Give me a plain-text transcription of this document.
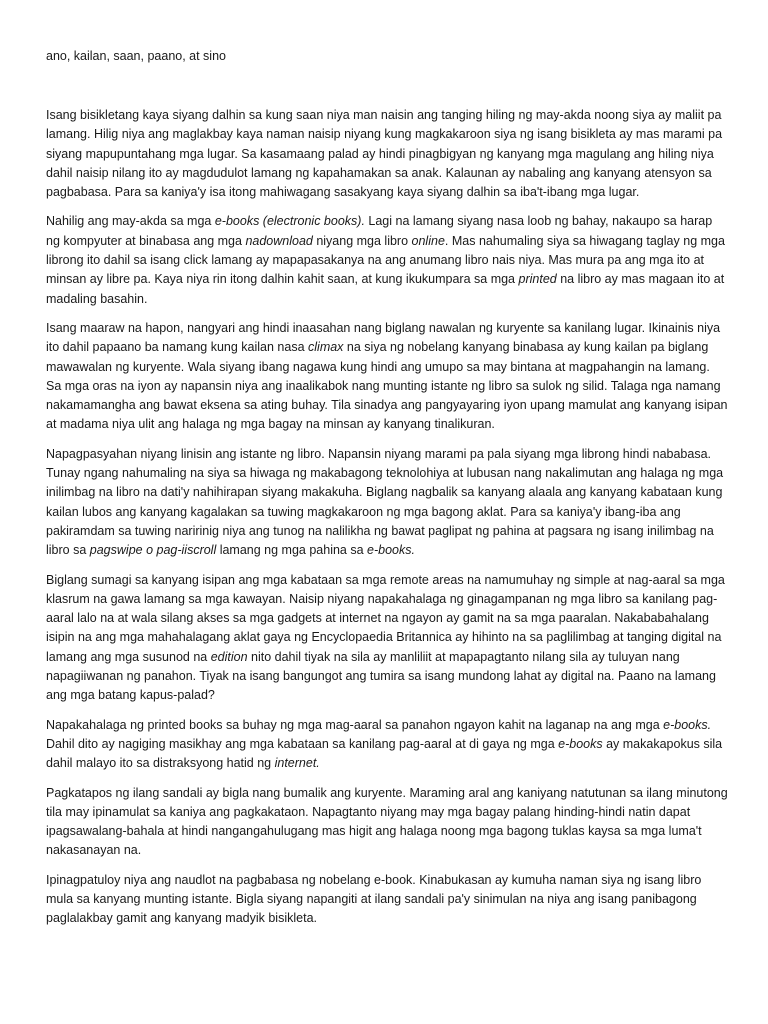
ano, kailan, saan, paano, at sino

Isang bisikletang kaya siyang dalhin sa kung saan niya man naisin ang tanging hiling ng may-akda noong siya ay maliit pa lamang. Hilig niya ang maglakbay kaya naman naisip niyang kung magkakaroon siya ng isang bisikleta ay mas marami pa siyang mapupuntahang mga lugar. Sa kasamaang palad ay hindi pinagbigyan ng kanyang mga magulang ang hiling niya dahil naisip nilang ito ay magdudulot lamang ng kapahamakan sa anak. Kalaunan ay nabaling ang kanyang atensyon sa pagbabasa. Para sa kaniya'y isa itong mahiwagang sasakyang kaya siyang dalhin sa iba't-ibang mga lugar.

Nahilig ang may-akda sa mga e-books (electronic books). Lagi na lamang siyang nasa loob ng bahay, nakaupo sa harap ng kompyuter at binabasa ang mga nadownload niyang mga libro online. Mas nahumaling siya sa hiwagang taglay ng mga librong ito dahil sa isang click lamang ay mapapasakanya na ang anumang libro nais niya. Mas mura pa ang mga ito at minsan ay libre pa. Kaya niya rin itong dalhin kahit saan, at kung ikukumpara sa mga printed na libro ay mas magaan ito at madaling basahin.

Isang maaraw na hapon, nangyari ang hindi inaasahan nang biglang nawalan ng kuryente sa kanilang lugar. Ikinainis niya ito dahil papaano ba namang kung kailan nasa climax na siya ng nobelang kanyang binabasa ay kung kailan pa biglang mawawalan ng kuryente. Wala siyang ibang nagawa kung hindi ang umupo sa may bintana at magpahangin na lamang. Sa mga oras na iyon ay napansin niya ang inaalikabok nang munting istante ng libro sa sulok ng silid. Talaga nga namang nakamamangha ang bawat eksena sa ating buhay. Tila sinadya ang pangyayaring iyon upang mamulat ang kanyang isipan at madama niya ulit ang halaga ng mga bagay na minsan ay kanyang tinalikuran.

Napagpasyahan niyang linisin ang istante ng libro. Napansin niyang marami pa pala siyang mga librong hindi nababasa. Tunay ngang nahumaling na siya sa hiwaga ng makabagong teknolohiya at lubusan nang nakalimutan ang halaga ng mga inilimbag na libro na dati'y nahihirapan siyang makakuha. Biglang nagbalik sa kanyang alaala ang kanyang kabataan kung kailan lubos ang kanyang kagalakan sa tuwing magkakaroon ng mga bagong aklat. Para sa kaniya'y ibang-iba ang pakiramdam sa tuwing naririnig niya ang tunog na nalilikha ng bawat paglipat ng pahina at pagsara ng isang inilimbag na libro sa pagswipe o pag-iiscroll lamang ng mga pahina sa e-books.

Biglang sumagi sa kanyang isipan ang mga kabataan sa mga remote areas na namumuhay ng simple at nag-aaral sa mga klasrum na gawa lamang sa mga kawayan. Naisip niyang napakahalaga ng ginagampanan ng mga libro sa kanilang pag-aaral lalo na at wala silang akses sa mga gadgets at internet na ngayon ay gamit na sa mga paaralan. Nakababahalang isipin na ang mga mahahalagang aklat gaya ng Encyclopaedia Britannica ay hihinto na sa paglilimbag at tanging digital na lamang ang mga susunod na edition nito dahil tiyak na sila ay manliliit at mapapagtanto nilang sila ay tuluyan nang napagiiwanan ng panahon. Tiyak na isang bangungot ang tumira sa isang mundong lahat ay digital na. Paano na lamang ang mga batang kapus-palad?

Napakahalaga ng printed books sa buhay ng mga mag-aaral sa panahon ngayon kahit na laganap na ang mga e-books. Dahil dito ay nagiging masikhay ang mga kabataan sa kanilang pag-aaral at di gaya ng mga e-books ay makakapokus sila dahil malayo ito sa distraksyong hatid ng internet.

Pagkatapos ng ilang sandali ay bigla nang bumalik ang kuryente. Maraming aral ang kaniyang natutunan sa ilang minutong tila may ipinamulat sa kaniya ang pagkakataon. Napagtanto niyang may mga bagay palang hinding-hindi natin dapat ipagsawalang-bahala at hindi nangangahulugang mas higit ang halaga noong mga bagong tuklas kaysa sa mga luma't nakasanayan na.

Ipinagpatuloy niya ang naudlot na pagbabasa ng nobelang e-book. Kinabukasan ay kumuha naman siya ng isang libro mula sa kanyang munting istante. Bigla siyang napangiti at ilang sandali pa'y sinimulan na niya ang isang panibagong paglalakbay gamit ang kanyang madyik bisikleta.
